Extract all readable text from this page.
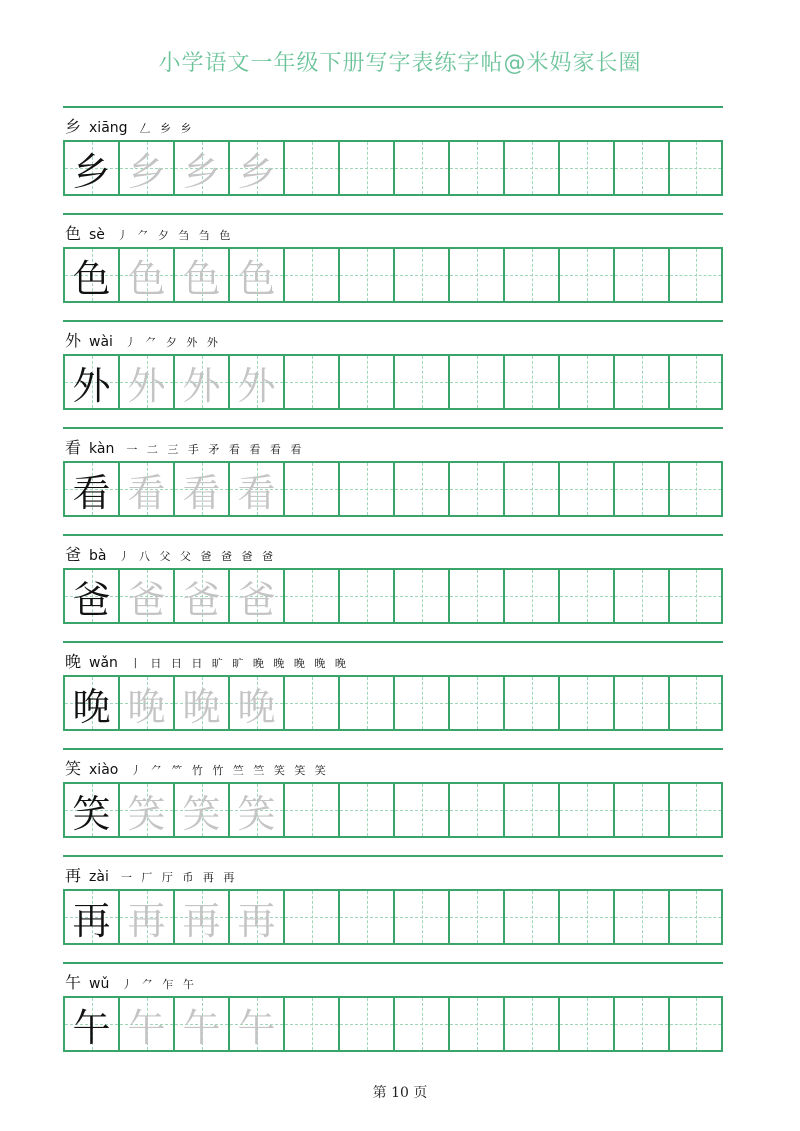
小学语文一年级下册写字表练字帖@米妈家长圈
乡 xiāng 𠃋 乡 乡
乡 乡 乡 乡
色 sè 丿 ⺈ 夕 刍 刍 色
色 色 色 色
外 wài 丿 ⺈ 夕 外 外
外 外 外 外
看 kàn 一 二 三 手 矛 看 看 看 看
看 看 看 看
爸 bà 丿 八 父 父 爸 爸 爸 爸
爸 爸 爸 爸
晚 wǎn 丨 日 日 日 旷 旷 晚 晚 晚 晚 晚
晚 晚 晚 晚
笑 xiào 丿 ⺈ ⺮ 竹 竹 竺 竺 笑 笑 笑
笑 笑 笑 笑
再 zài 一 厂 厅 币 再 再
再 再 再 再
午 wǔ 丿 ⺈ 乍 午
午 午 午 午
第 10 页
